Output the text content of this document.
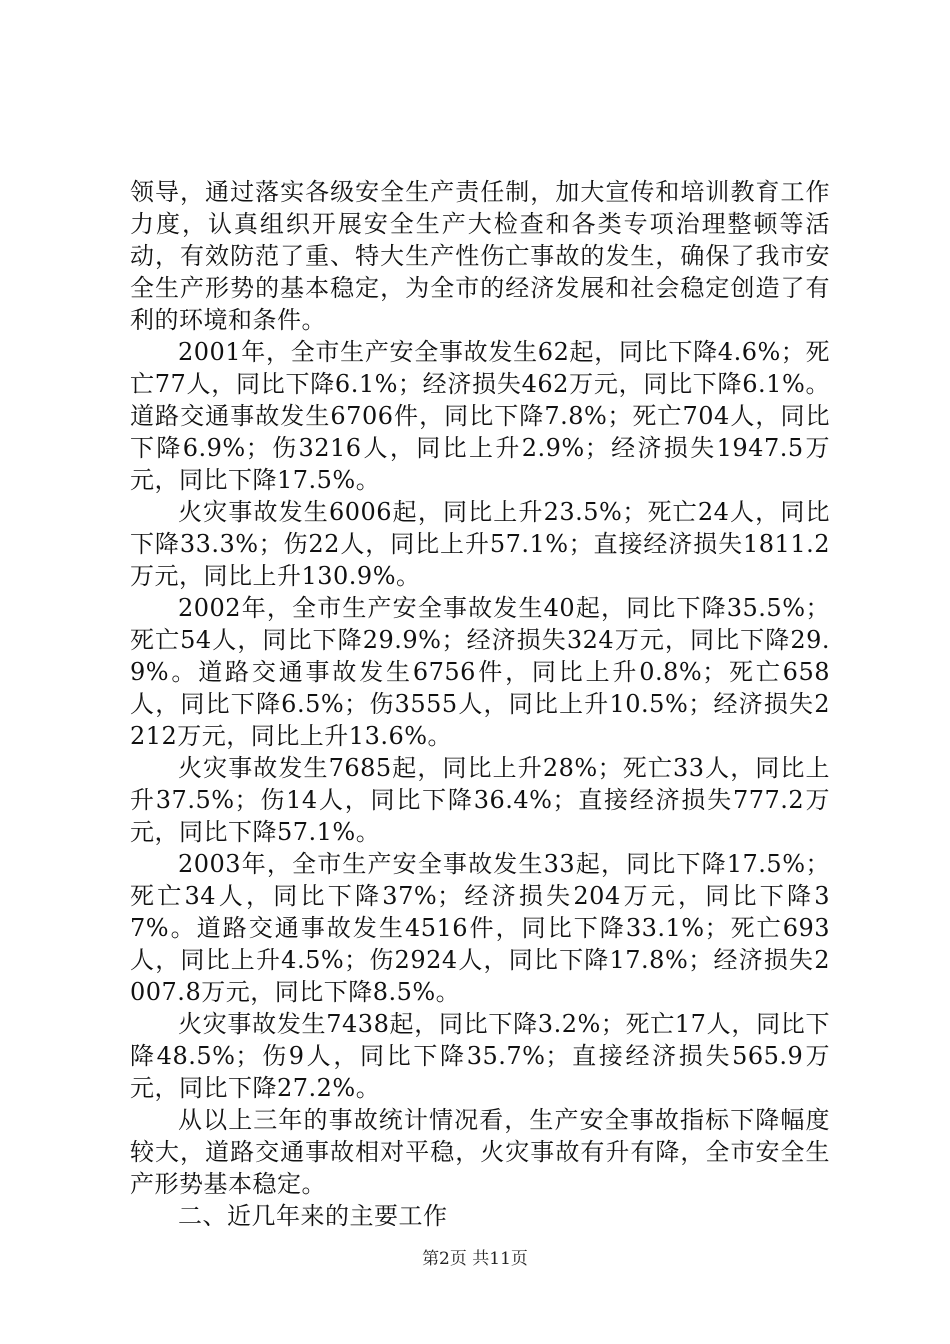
领导，通过落实各级安全生产责任制，加大宣传和培训教育工作力度，认真组织开展安全生产大检查和各类专项治理整顿等活动，有效防范了重、特大生产性伤亡事故的发生，确保了我市安全生产形势的基本稳定，为全市的经济发展和社会稳定创造了有利的环境和条件。

2001年，全市生产安全事故发生62起，同比下降4.6%；死亡77人，同比下降6.1%；经济损失462万元，同比下降6.1%。道路交通事故发生6706件，同比下降7.8%；死亡704人，同比下降6.9%；伤3216人，同比上升2.9%；经济损失1947.5万元，同比下降17.5%。

火灾事故发生6006起，同比上升23.5%；死亡24人，同比下降33.3%；伤22人，同比上升57.1%；直接经济损失1811.2万元，同比上升130.9%。

2002年，全市生产安全事故发生40起，同比下降35.5%；死亡54人，同比下降29.9%；经济损失324万元，同比下降29.9%。道路交通事故发生6756件，同比上升0.8%；死亡658人，同比下降6.5%；伤3555人，同比上升10.5%；经济损失2212万元，同比上升13.6%。

火灾事故发生7685起，同比上升28%；死亡33人，同比上升37.5%；伤14人，同比下降36.4%；直接经济损失777.2万元，同比下降57.1%。

2003年，全市生产安全事故发生33起，同比下降17.5%；死亡34人，同比下降37%；经济损失204万元，同比下降37%。道路交通事故发生4516件，同比下降33.1%；死亡693人，同比上升4.5%；伤2924人，同比下降17.8%；经济损失2007.8万元，同比下降8.5%。

火灾事故发生7438起，同比下降3.2%；死亡17人，同比下降48.5%；伤9人，同比下降35.7%；直接经济损失565.9万元，同比下降27.2%。

从以上三年的事故统计情况看，生产安全事故指标下降幅度较大，道路交通事故相对平稳，火灾事故有升有降，全市安全生产形势基本稳定。

二、近几年来的主要工作

第2页 共11页
